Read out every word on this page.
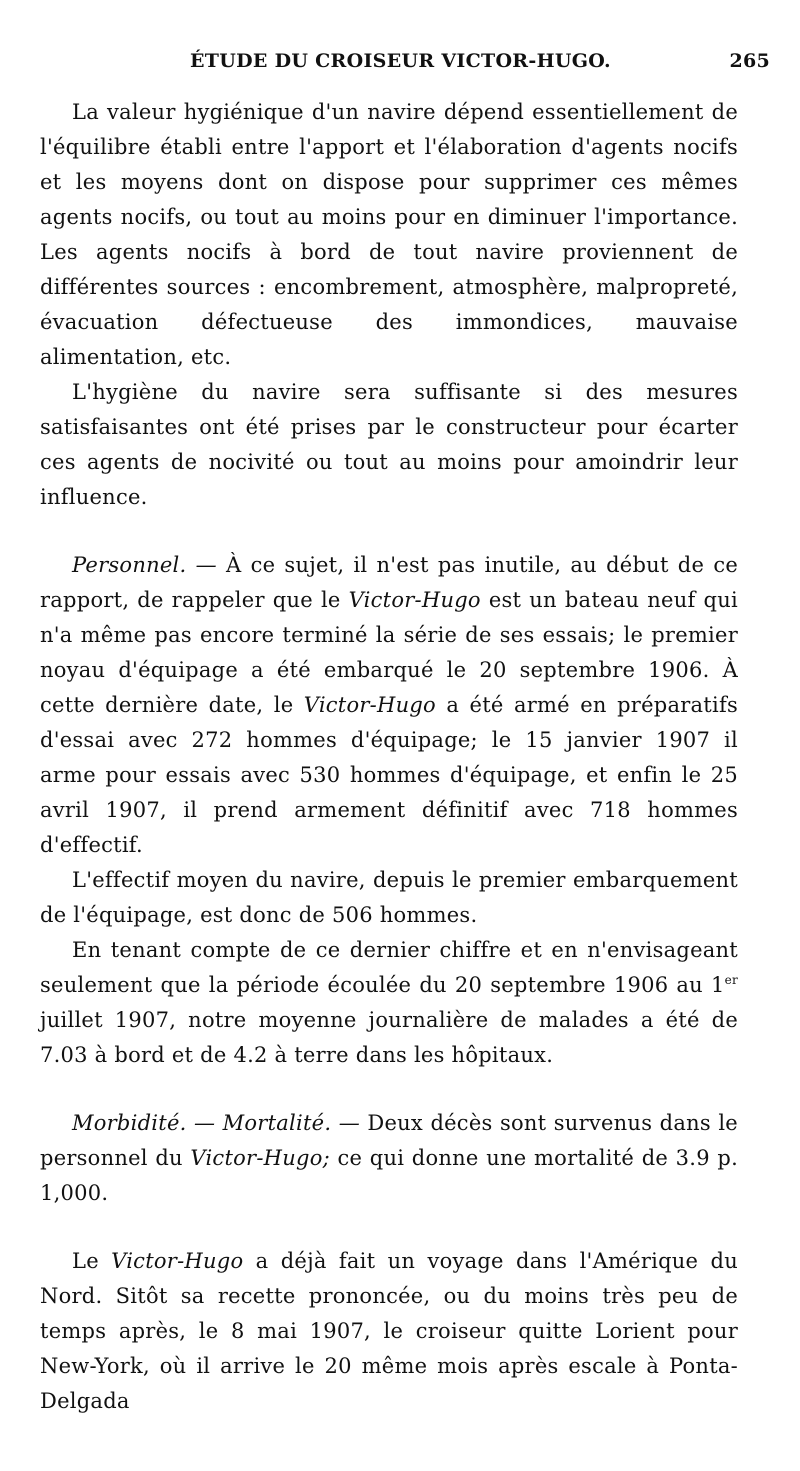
ÉTUDE DU CROISEUR VICTOR-HUGO.	265

La valeur hygiénique d'un navire dépend essentiellement de l'équilibre établi entre l'apport et l'élaboration d'agents nocifs et les moyens dont on dispose pour supprimer ces mêmes agents nocifs, ou tout au moins pour en diminuer l'importance. Les agents nocifs à bord de tout navire proviennent de différentes sources : encombrement, atmosphère, malpropreté, évacuation défectueuse des immondices, mauvaise alimentation, etc.

L'hygiène du navire sera suffisante si des mesures satisfaisantes ont été prises par le constructeur pour écarter ces agents de nocivité ou tout au moins pour amoindrir leur influence.

Personnel. — À ce sujet, il n'est pas inutile, au début de ce rapport, de rappeler que le Victor-Hugo est un bateau neuf qui n'a même pas encore terminé la série de ses essais; le premier noyau d'équipage a été embarqué le 20 septembre 1906. À cette dernière date, le Victor-Hugo a été armé en préparatifs d'essai avec 272 hommes d'équipage; le 15 janvier 1907 il arme pour essais avec 530 hommes d'équipage, et enfin le 25 avril 1907, il prend armement définitif avec 718 hommes d'effectif.

L'effectif moyen du navire, depuis le premier embarquement de l'équipage, est donc de 506 hommes.

En tenant compte de ce dernier chiffre et en n'envisageant seulement que la période écoulée du 20 septembre 1906 au 1er juillet 1907, notre moyenne journalière de malades a été de 7.03 à bord et de 4.2 à terre dans les hôpitaux.

Morbidité. — Mortalité. — Deux décès sont survenus dans le personnel du Victor-Hugo; ce qui donne une mortalité de 3.9 p. 1,000.

Le Victor-Hugo a déjà fait un voyage dans l'Amérique du Nord. Sitôt sa recette prononcée, ou du moins très peu de temps après, le 8 mai 1907, le croiseur quitte Lorient pour New-York, où il arrive le 20 même mois après escale à Ponta-Delgada
